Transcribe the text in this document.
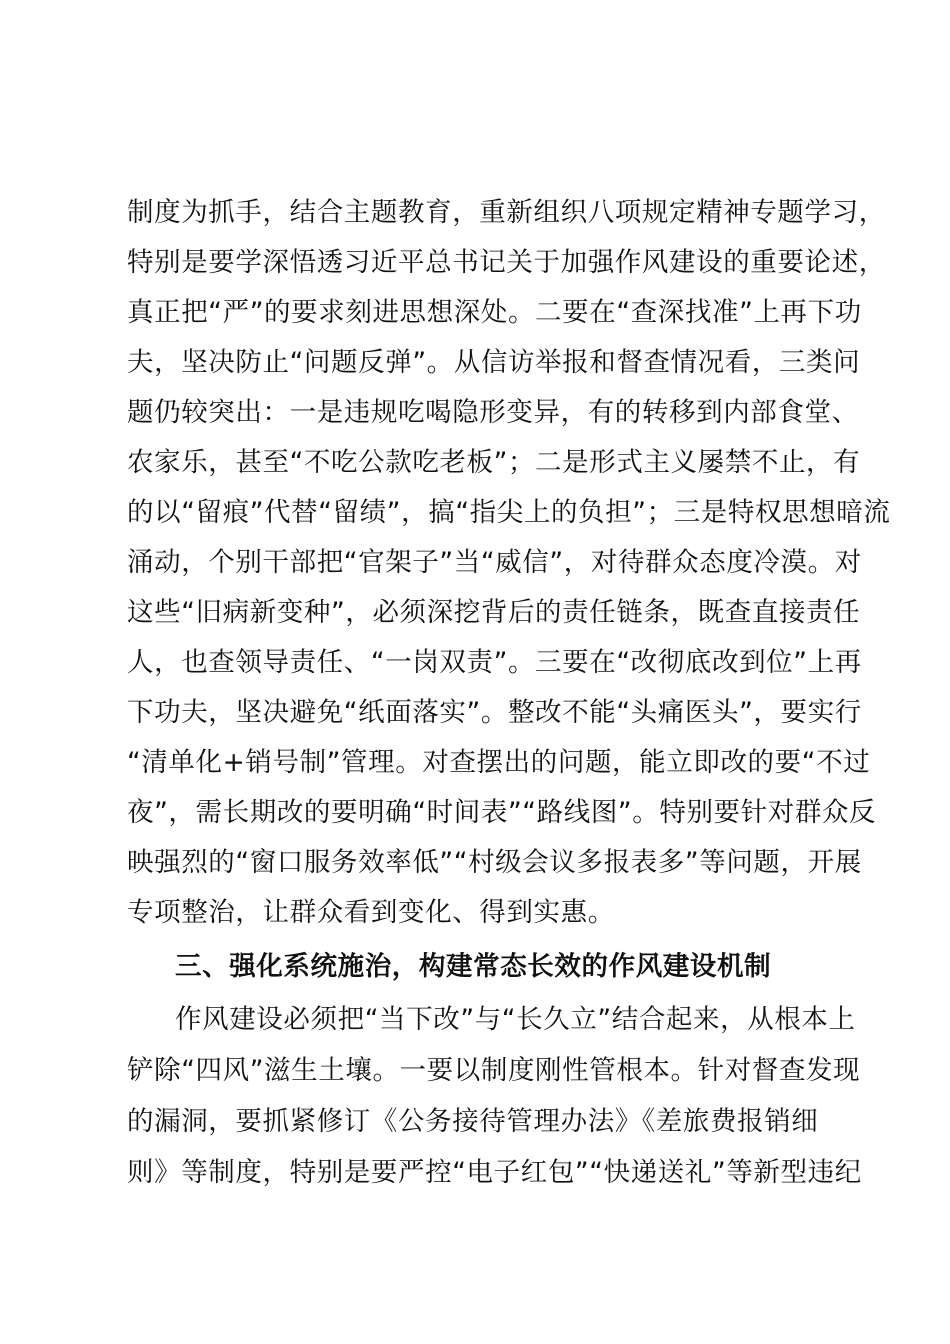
制度为抓手，结合主题教育，重新组织八项规定精神专题学习，
特别是要学深悟透习近平总书记关于加强作风建设的重要论述，
真正把“严”的要求刻进思想深处。二要在“查深找准”上再下功
夫，坚决防止“问题反弹”。从信访举报和督查情况看，三类问
题仍较突出：一是违规吃喝隐形变异，有的转移到内部食堂、
农家乐，甚至“不吃公款吃老板”；二是形式主义屡禁不止，有
的以“留痕”代替“留绩”，搞“指尖上的负担”；三是特权思想暗流
涌动，个别干部把“官架子”当“威信”，对待群众态度冷漠。对
这些“旧病新变种”，必须深挖背后的责任链条，既查直接责任
人，也查领导责任、“一岗双责”。三要在“改彻底改到位”上再
下功夫，坚决避免“纸面落实”。整改不能“头痛医头”，要实行
“清单化+销号制”管理。对查摆出的问题，能立即改的要“不过
夜”，需长期改的要明确“时间表”“路线图”。特别要针对群众反
映强烈的“窗口服务效率低”“村级会议多报表多”等问题，开展
专项整治，让群众看到变化、得到实惠。
三、强化系统施治，构建常态长效的作风建设机制
作风建设必须把“当下改”与“长久立”结合起来，从根本上
铲除“四风”滋生土壤。一要以制度刚性管根本。针对督查发现
的漏洞，要抓紧修订《公务接待管理办法》《差旅费报销细
则》等制度，特别是要严控“电子红包”“快递送礼”等新型违纪
